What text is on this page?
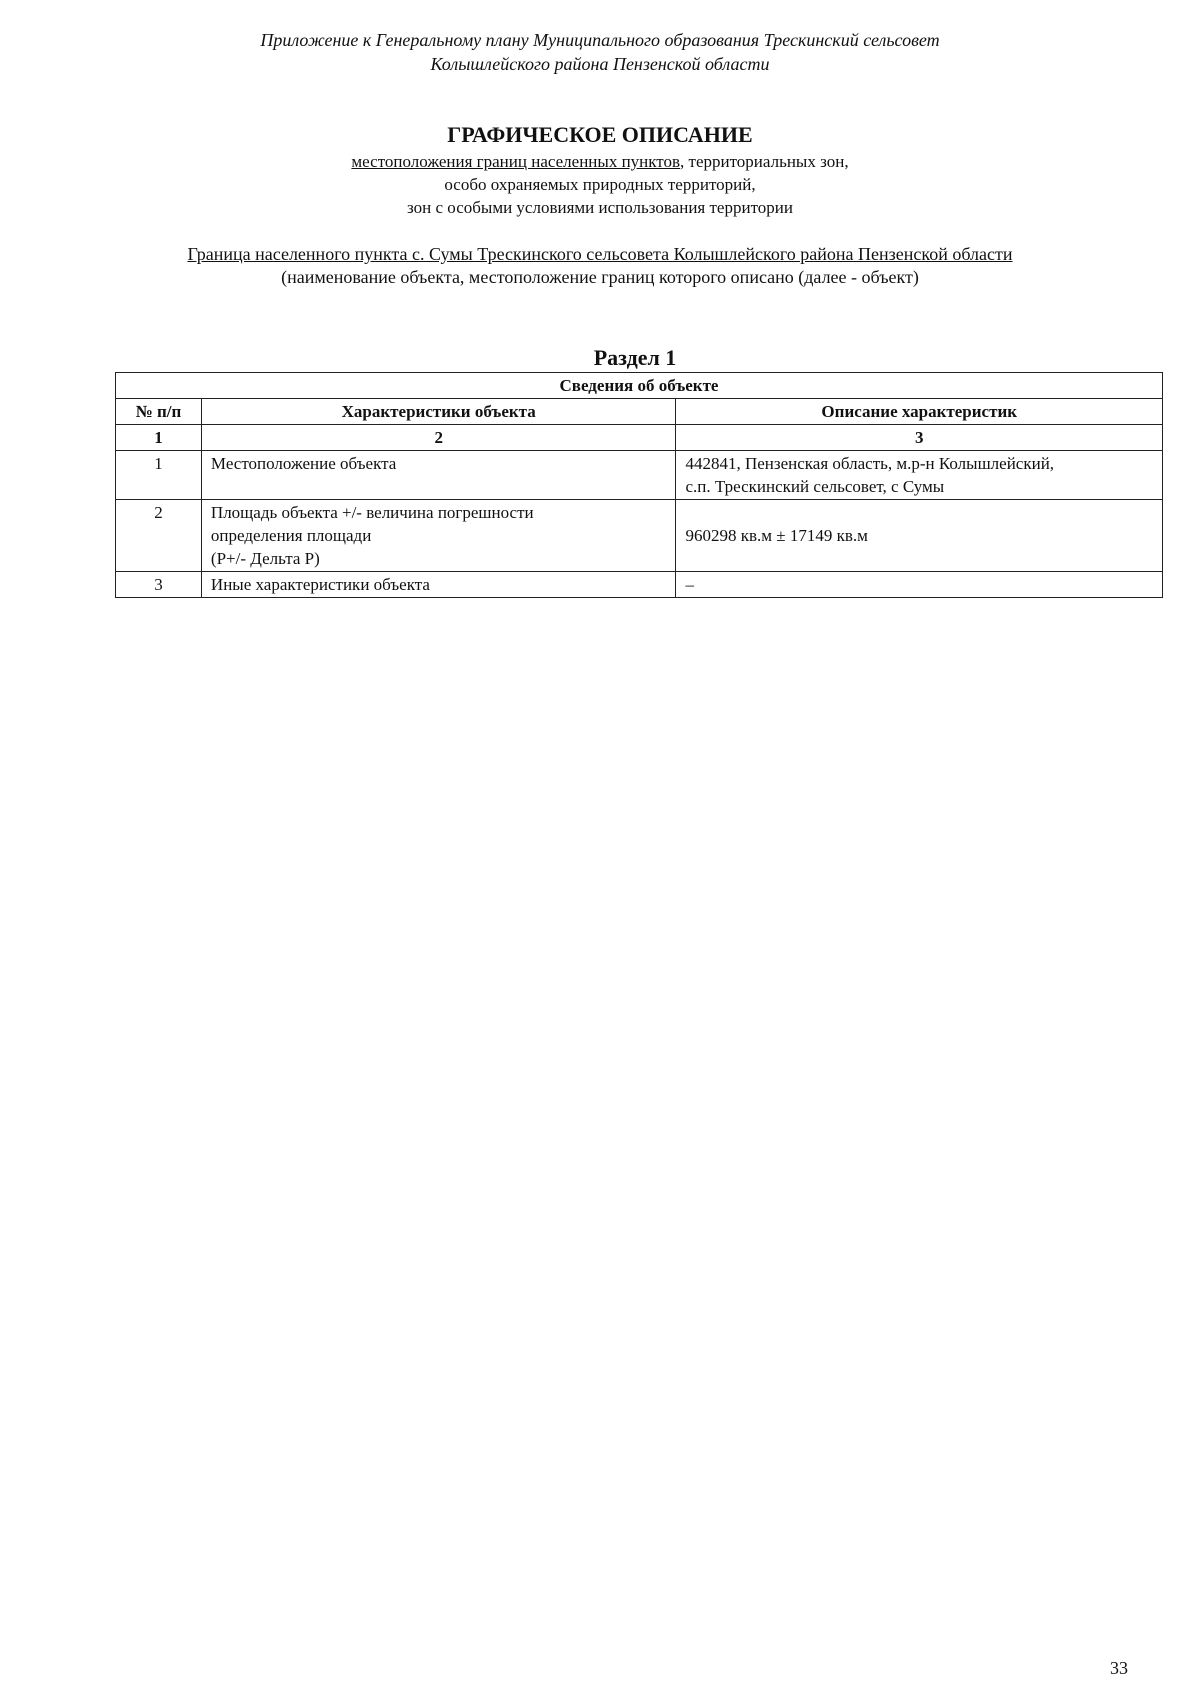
Приложение к Генеральному плану Муниципального образования Трескинский сельсовет
Колышлейского района Пензенской области
ГРАФИЧЕСКОЕ ОПИСАНИЕ
местоположения границ населенных пунктов, территориальных зон,
особо охраняемых природных территорий,
зон с особыми условиями использования территории
Граница населенного пункта с. Сумы Трескинского сельсовета Колышлейского района Пензенской области
(наименование объекта, местоположение границ которого описано (далее - объект)
Раздел 1
Сведения об объекте		
№ п/п	Характеристики объекта	Описание характеристик
1	2	3
1	Местоположение объекта	442841, Пензенская область, м.р-н Колышлейский,
с.п. Трескинский сельсовет, с Сумы

2	Площадь объекта +/- величина погрешности
определения площади
(Р+/- Дельта Р)	960298 кв.м ± 17149 кв.м

3	Иные характеристики объекта	–
33
